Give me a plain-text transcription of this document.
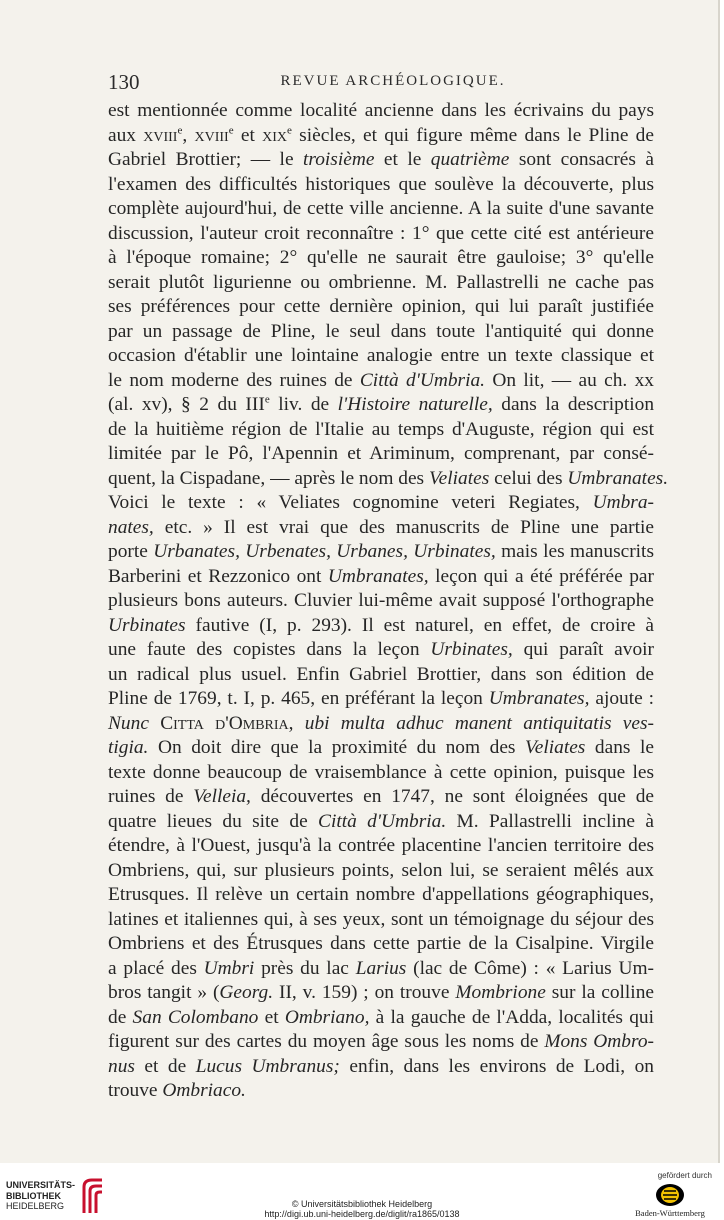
130	REVUE ARCHÉOLOGIQUE.
est mentionnée comme localité ancienne dans les écrivains du pays
aux xviii$^e$, xviii$^e$ et xix$^e$ siècles, et qui figure même dans le Pline de
Gabriel Brottier; — le troisième et le quatrième sont consacrés à
l'examen des difficultés historiques que soulève la découverte, plus
complète aujourd'hui, de cette ville ancienne. A la suite d'une savante
discussion, l'auteur croit reconnaître : 1° que cette cité est antérieure
à l'époque romaine; 2° qu'elle ne saurait être gauloise; 3° qu'elle
serait plutôt ligurienne ou ombrienne. M. Pallastrelli ne cache pas
ses préférences pour cette dernière opinion, qui lui paraît justifiée
par un passage de Pline, le seul dans toute l'antiquité qui donne
occasion d'établir une lointaine analogie entre un texte classique et
le nom moderne des ruines de Città d'Umbria. On lit, — au ch. xx
(al. xv), § 2 du IIIe liv. de l'Histoire naturelle, dans la description
de la huitième région de l'Italie au temps d'Auguste, région qui est
limitée par le Pô, l'Apennin et Ariminum, comprenant, par consé-
quent, la Cispadane, — après le nom des Veliates celui des Umbranates.
Voici le texte : « Veliates cognomine veteri Regiates, Umbra-
nates, etc. » Il est vrai que des manuscrits de Pline une partie
porte Urbanates, Urbenates, Urbanes, Urbinates, mais les manuscrits
Barberini et Rezzonico ont Umbranates, leçon qui a été préférée par
plusieurs bons auteurs. Cluvier lui-même avait supposé l'orthographe
Urbinates fautive (I, p. 293). Il est naturel, en effet, de croire à
une faute des copistes dans la leçon Urbinates, qui paraît avoir
un radical plus usuel. Enfin Gabriel Brottier, dans son édition de
Pline de 1769, t. I, p. 465, en préférant la leçon Umbranates, ajoute :
Nunc Citta d'Ombria, ubi multa adhuc manent antiquitatis ves-
tigia. On doit dire que la proximité du nom des Veliates dans le
texte donne beaucoup de vraisemblance à cette opinion, puisque les
ruines de Velleia, découvertes en 1747, ne sont éloignées que de
quatre lieues du site de Città d'Umbria. M. Pallastrelli incline à
étendre, à l'Ouest, jusqu'à la contrée placentine l'ancien territoire des
Ombriens, qui, sur plusieurs points, selon lui, se seraient mêlés aux
Etrusques. Il relève un certain nombre d'appellations géographiques,
latines et italiennes qui, à ses yeux, sont un témoignage du séjour des
Ombriens et des Étrusques dans cette partie de la Cisalpine. Virgile
a placé des Umbri près du lac Larius (lac de Côme) : « Larius Um-
bros tangit » (Georg. II, v. 159) ; on trouve Mombrione sur la colline
de San Colombano et Ombriano, à la gauche de l'Adda, localités qui
figurent sur des cartes du moyen âge sous les noms de Mons Ombro-
nus et de Lucus Umbranus; enfin, dans les environs de Lodi, on
trouve Ombriaco.
UNIVERSITÄTS-
BIBLIOTHEK
HEIDELBERG	© Universitätsbibliothek Heidelberg
http://digi.ub.uni-heidelberg.de/diglit/ra1865/0138
gefördert durch
Baden-Württemberg
